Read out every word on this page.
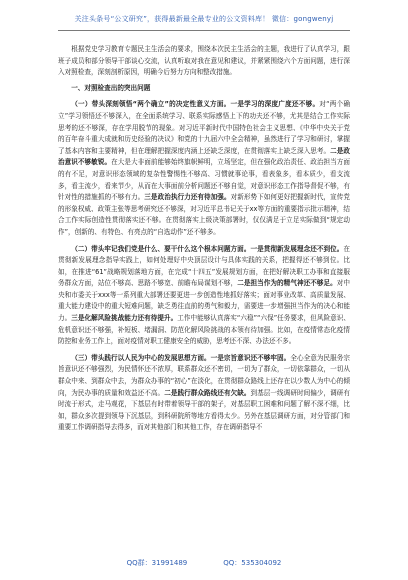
关注头条号“公文研究”，获得最新最全最专业的公文资料库！ 微信：gongwenyj

根据党史学习教育专题民主生活会的要求，围绕本次民主生活会的主题，我进行了认真学习，跟班子成员和部分领导干部谈心交流，认真听取对我在意见和建议，并紧紧围绕六个方面问题，进行深入对照检查，深刻剖析原因，明确今后努力方向和整改措施。

一、对照检查出的突出问题

（一）带头深刻领悟“两个确立”的决定性意义方面。一是学习的深度广度还不够。对“两个确立”学习领悟还不够深入，在全面系统学习、联系实际感悟上下的功夫还不够，尤其是结合工作实际思考的还不够深，存在学用脱节的现象。对习近平新时代中国特色社会主义思想、《中华中央关于党的百年奋斗重大成就和历史经验的决议》和党的十九届六中全会精神，虽然进行了学习和研讨，掌握了基本内容和主要精神，但在理解把握深度内涵上还缺乏深度，在贯彻落实上缺乏深入思考。二是政治意识不够敏锐。在大是大非面前能够始终旗帜鲜明，立场坚定，但在强化政治责任、政治担当方面的有不足，对意识形态领域的复杂性警惕性不够高、习惯就事论事，看表象多，看本质少，看支流多，看主流少，看来节少，从而在大事面前分析问题还不够自觉，对意识形态工作指导督促不够，有针对性的措施抓的不够有力。三是政治执行力还有待加强。对新形势下如何更好把握新时代，宣传党的形象权威、政策主张等思考研究还不够深，对习近平总书记关于xx等方面的重要指示批示精神，结合工作实际创造性贯彻落实还不够。在贯彻落实上级决策部署时，仅仅满足于立足实际做到“规定动作”，创新的、有特色、有亮点的“自选动作”还不够多。

（二）带头牢记我们党是什么、要干什么这个根本问题方面。一是贯彻新发展理念还不到位。在贯彻新发展理念指导实践上，如何处理好中央顶层设计与具体实践的关系，把握得还不够到位。比如，在推进“61”战略规划落地方面，在完成“十四五”发展规划方面，在把好解决职工办事和直接服务群众方面，站位不够高、思路不够宽、前瞻布局谋划不够，二是担当作为的精气神还不够足。对中央和市委关于xxx等一系列重大部署还要更进一步创造性地抓好落实；面对事业改革、高质量发展、重大能力建设中的重大短难问题，缺乏勇往直前的勇气和毅力，需要进一步增强担当作为的决心和能力。三是化解风险挑战能力还有待提升。工作中能够认真落实“六稳”“六保”任务要求，但风险意识、危机意识还不够强，补短板、堵漏洞、防范化解风险挑战的本领有待加强。比如，在疫情常态化疫情防控和业务工作上，面对疫情对职工健康安全的威胁，思考还不深、办法还不多。

（三）带头践行以人民为中心的发展思想方面。一是宗旨意识还不够牢固。全心全意为民服务宗旨意识还不够强烈，为民情怀还不浓厚，联系群众还不密切，一切为了群众，一切依靠群众，一切从群众中来、到群众中去，为群众办事的“初心”在淡化，在贯彻群众路线上还存在以少数人为中心的倾向，为民办事的质量和效益还不高。二是践行群众路线还有欠缺。到基层一线调研时间偏少，调研有时流于形式，走马观花，下基层有时带着领导干部的架子，对基层职工困难和问题了解不深不细，比如，群众多次提到领导下沉基层，到科研院所等地方看得太少。另外在基层调研方面，对分管部门和重要工作调研指导去得多，而对其他部门和其他工作，存在调研指导不

QQ群：31991489	QQ：535304092
